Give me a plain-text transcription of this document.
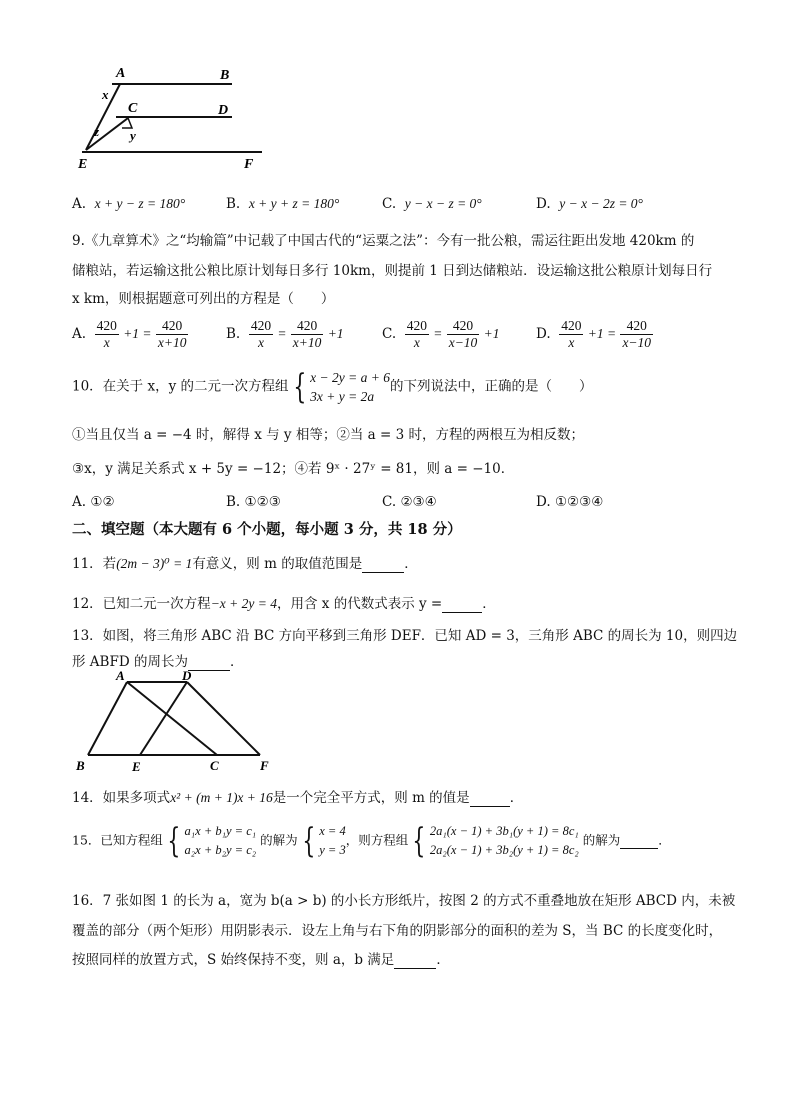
A	B
C	D
E	F
x
y
z
A. x + y − z = 180°	B. x + y + z = 180°	C. y − x − z = 0°	D. y − x − 2z = 0°
9.《九章算术》之“均输篇”中记载了中国古代的“运粟之法”：今有一批公粮，需运往距出发地 420km 的
储粮站，若运输这批公粮比原计划每日多行 10km，则提前 1 日到达储粮站．设运输这批公粮原计划每日行
x km，则根据题意可列出的方程是（　　）
A. $\frac{420}{x} +1 = \frac{420}{x+10}$	B. $\frac{420}{x} = \frac{420}{x+10} +1$	C. $\frac{420}{x} = \frac{420}{x-10} +1$	D. $\frac{420}{x} +1 = \frac{420}{x-10}$
10．在关于 x，y 的二元一次方程组 { x − 2y = a + 6
3x + y = 2a的下列说法中，正确的是（　　）
①当且仅当 a = −4 时，解得 x 与 y 相等；②当 a = 3 时，方程的两根互为相反数；
③x，y 满足关系式 x + 5y = −12；④若 9ˣ · 27ʸ = 81，则 a = −10．
A. ①②	B. ①②③	C. ②③④	D. ①②③④
二、填空题（本大题有 6 个小题，每小题 3 分，共 18 分）
11．若(2m − 3)⁰ = 1有意义，则 m 的取值范围是	．
12．已知二元一次方程−x + 2y = 4，用含 x 的代数式表示 y =	．
13．如图，将三角形 ABC 沿 BC 方向平移到三角形 DEF．已知 AD = 3，三角形 ABC 的周长为 10，则四边
形 ABFD 的周长为	．
A	D
B	E	C	F
14．如果多项式x² + (m + 1)x + 16是一个完全平方式，则 m 的值是	．
15．已知方程组 { a₁x + b₁y = c₁
a₂x + b₂y = c₂ 的解为 { x = 4
y = 3，则方程组 { 2a₁(x − 1) + 3b₁(y + 1) = 8c₁
2a₂(x − 1) + 3b₂(y + 1) = 8c₂ 的解为	．
16．7 张如图 1 的长为 a，宽为 b(a > b) 的小长方形纸片，按图 2 的方式不重叠地放在矩形 ABCD 内，未被
覆盖的部分（两个矩形）用阴影表示．设左上角与右下角的阴影部分的面积的差为 S，当 BC 的长度变化时，
按照同样的放置方式，S 始终保持不变，则 a，b 满足	．
